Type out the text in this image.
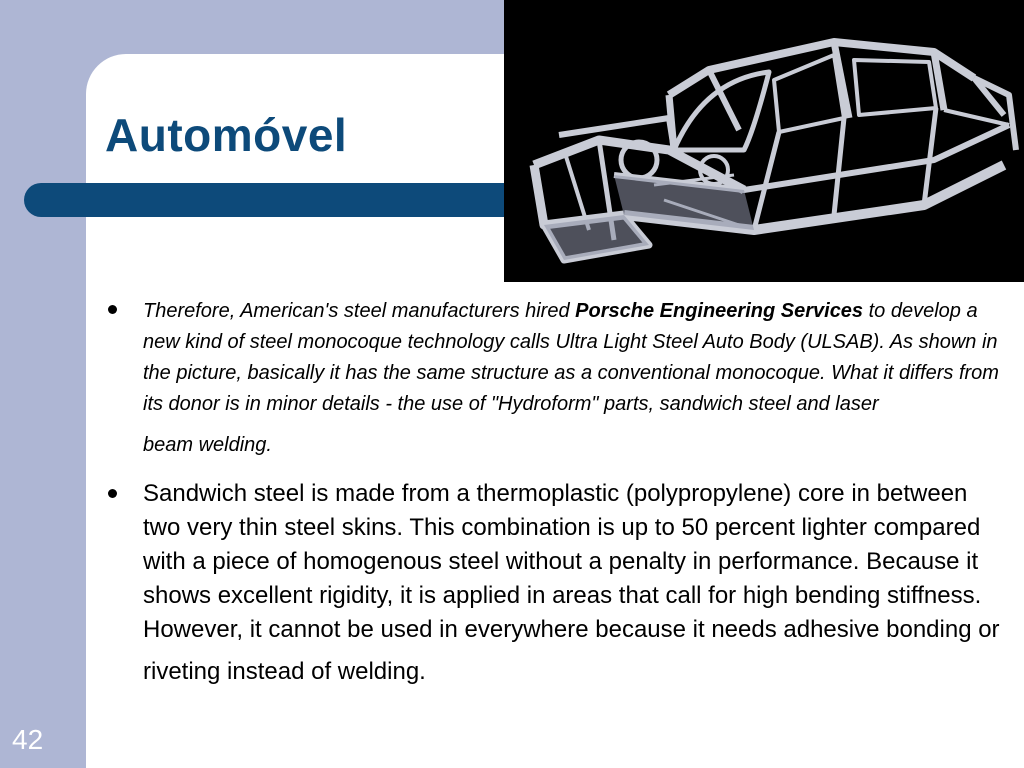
Automóvel
Therefore, American's steel manufacturers hired Porsche Engineering Services to develop a new kind of steel monocoque technology calls Ultra Light Steel Auto Body (ULSAB). As shown in the picture, basically it has the same structure as a conventional monocoque. What it differs from its donor is in minor details - the use of "Hydroform" parts, sandwich steel and laser
beam welding.
Sandwich steel is made from a thermoplastic (polypropylene) core in between two very thin steel skins. This combination is up to 50 percent lighter compared with a piece of homogenous steel without a penalty in performance. Because it shows excellent rigidity, it is applied in areas that call for high bending stiffness. However, it cannot be used in everywhere because it needs adhesive bonding or
riveting instead of welding.
42
